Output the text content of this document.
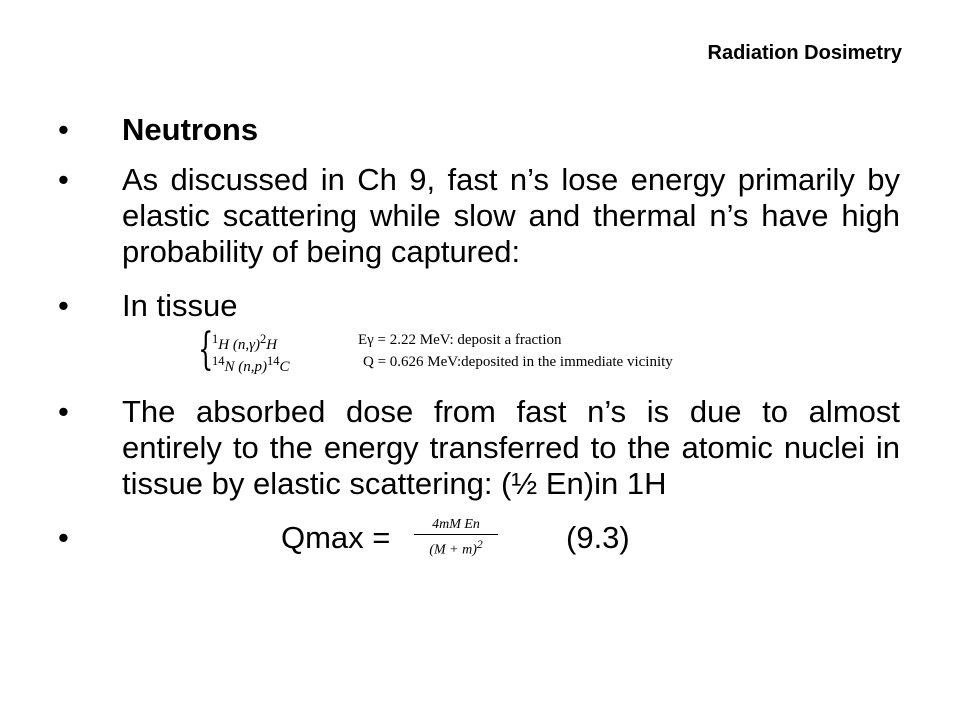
Radiation Dosimetry
• Neutrons
• As discussed in Ch 9, fast n’s lose energy primarily by elastic scattering while slow and thermal n’s have high probability of being captured:
• In tissue
{
$^1$H $(n,\gamma)^2H$	Eγ = 2.22 MeV: deposit a fraction
$^{14}$N $(n,p)^{14}C$	Q = 0.626 MeV:deposited in the immediate vicinity
• The absorbed dose from fast n’s is due to almost entirely to the energy transferred to the atomic nuclei in tissue by elastic scattering: (½ En)in 1H
•	$Qmax = \frac{\text{4mM En}}{(M + m)^2} (9.3)$
